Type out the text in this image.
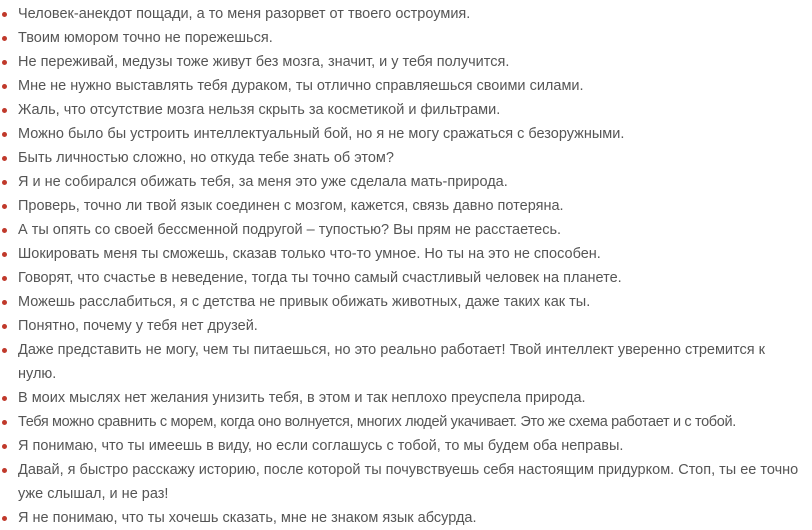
Человек-анекдот пощади, а то меня разорвет от твоего остроумия.
Твоим юмором точно не порежешься.
Не переживай, медузы тоже живут без мозга, значит, и у тебя получится.
Мне не нужно выставлять тебя дураком, ты отлично справляешься своими силами.
Жаль, что отсутствие мозга нельзя скрыть за косметикой и фильтрами.
Можно было бы устроить интеллектуальный бой, но я не могу сражаться с безоружными.
Быть личностью сложно, но откуда тебе знать об этом?
Я и не собирался обижать тебя, за меня это уже сделала мать-природа.
Проверь, точно ли твой язык соединен с мозгом, кажется, связь давно потеряна.
А ты опять со своей бессменной подругой – тупостью? Вы прям не расстаетесь.
Шокировать меня ты сможешь, сказав только что-то умное. Но ты на это не способен.
Говорят, что счастье в неведение, тогда ты точно самый счастливый человек на планете.
Можешь расслабиться, я с детства не привык обижать животных, даже таких как ты.
Понятно, почему у тебя нет друзей.
Даже представить не могу, чем ты питаешься, но это реально работает! Твой интеллект уверенно стремится к нулю.
В моих мыслях нет желания унизить тебя, в этом и так неплохо преуспела природа.
Тебя можно сравнить с морем, когда оно волнуется, многих людей укачивает. Это же схема работает и с тобой.
Я понимаю, что ты имеешь в виду, но если соглашусь с тобой, то мы будем оба неправы.
Давай, я быстро расскажу историю, после которой ты почувствуешь себя настоящим придурком. Стоп, ты ее точно уже слышал, и не раз!
Я не понимаю, что ты хочешь сказать, мне не знаком язык абсурда.
